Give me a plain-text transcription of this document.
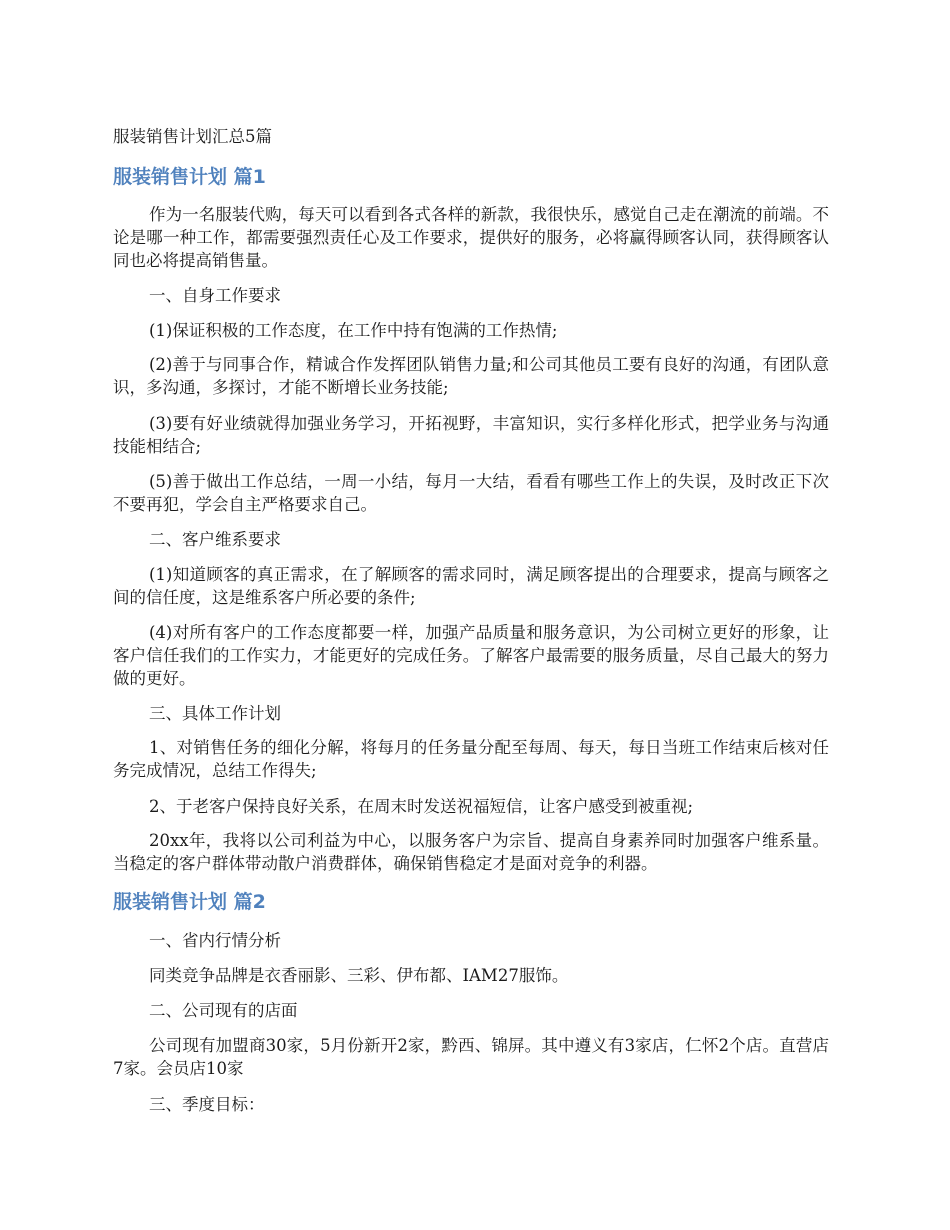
服装销售计划汇总5篇
服装销售计划 篇1
作为一名服装代购，每天可以看到各式各样的新款，我很快乐，感觉自己走在潮流的前端。不论是哪一种工作，都需要强烈责任心及工作要求，提供好的服务，必将赢得顾客认同，获得顾客认同也必将提高销售量。
一、自身工作要求
(1)保证积极的工作态度，在工作中持有饱满的工作热情;
(2)善于与同事合作，精诚合作发挥团队销售力量;和公司其他员工要有良好的沟通，有团队意识，多沟通，多探讨，才能不断增长业务技能;
(3)要有好业绩就得加强业务学习，开拓视野，丰富知识，实行多样化形式，把学业务与沟通技能相结合;
(5)善于做出工作总结，一周一小结，每月一大结，看看有哪些工作上的失误，及时改正下次不要再犯，学会自主严格要求自己。
二、客户维系要求
(1)知道顾客的真正需求，在了解顾客的需求同时，满足顾客提出的合理要求，提高与顾客之间的信任度，这是维系客户所必要的条件;
(4)对所有客户的工作态度都要一样，加强产品质量和服务意识，为公司树立更好的形象，让客户信任我们的工作实力，才能更好的完成任务。了解客户最需要的服务质量，尽自己最大的努力做的更好。
三、具体工作计划
1、对销售任务的细化分解，将每月的任务量分配至每周、每天，每日当班工作结束后核对任务完成情况，总结工作得失;
2、于老客户保持良好关系，在周末时发送祝福短信，让客户感受到被重视;
20xx年，我将以公司利益为中心，以服务客户为宗旨、提高自身素养同时加强客户维系量。当稳定的客户群体带动散户消费群体，确保销售稳定才是面对竞争的利器。
服装销售计划 篇2
一、省内行情分析
同类竞争品牌是衣香丽影、三彩、伊布都、IAM27服饰。
二、公司现有的店面
公司现有加盟商30家，5月份新开2家，黔西、锦屏。其中遵义有3家店，仁怀2个店。直营店7家。会员店10家
三、季度目标：
